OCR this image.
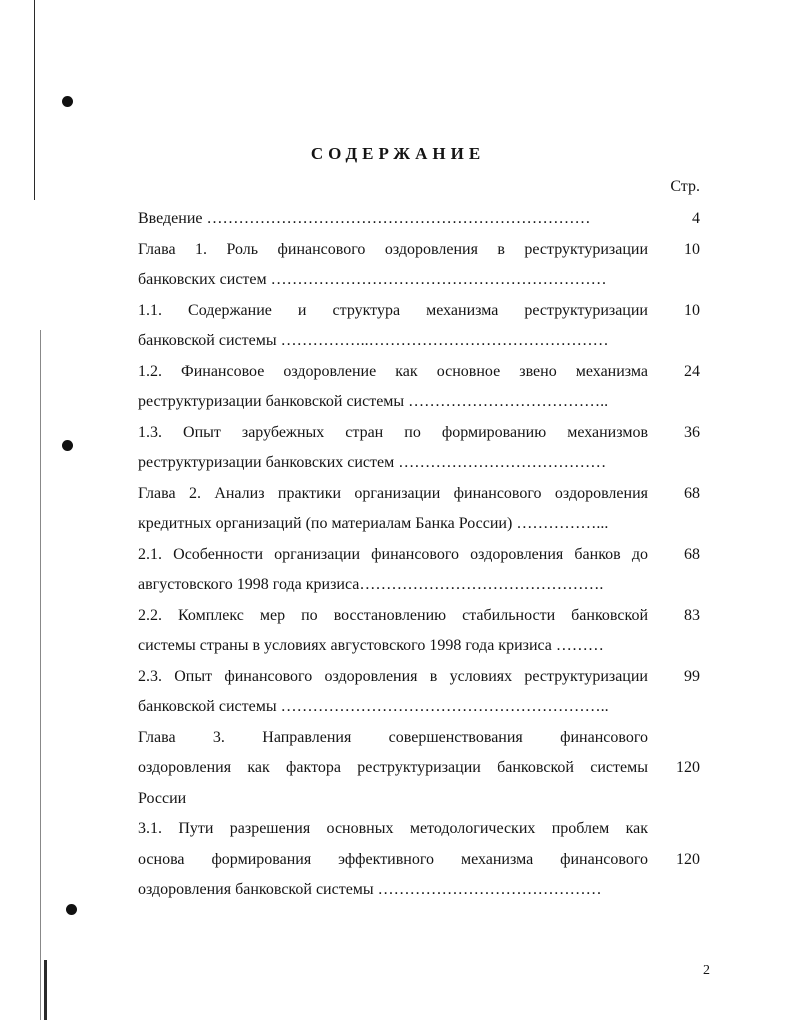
СОДЕРЖАНИЕ
Стр.
Введение ………………………………………………………………	4
Глава 1. Роль финансового оздоровления в реструктуризации
банковских систем ………………………………………………………
10
1.1. Содержание и структура механизма реструктуризации
банковской системы ……………..………………………………………
10
1.2. Финансовое оздоровление как основное звено механизма
реструктуризации банковской системы ………………………………..
24
1.3. Опыт зарубежных стран по формированию механизмов
реструктуризации банковских систем …………………………………
36
Глава 2. Анализ практики организации финансового оздоровления
кредитных организаций (по материалам Банка России) ……………...
68
2.1. Особенности организации финансового оздоровления банков до
августовского 1998 года кризиса……………………………………….
68
2.2. Комплекс мер по восстановлению стабильности банковской
системы страны в условиях августовского 1998 года кризиса ………
83
2.3. Опыт финансового оздоровления в условиях реструктуризации
банковской системы ……………………………………………………..
99
Глава 3. Направления совершенствования финансового
оздоровления как фактора реструктуризации банковской системы
России
120
3.1. Пути разрешения основных методологических проблем как
основа формирования эффективного механизма финансового
оздоровления банковской системы ……………………………………
120
2
